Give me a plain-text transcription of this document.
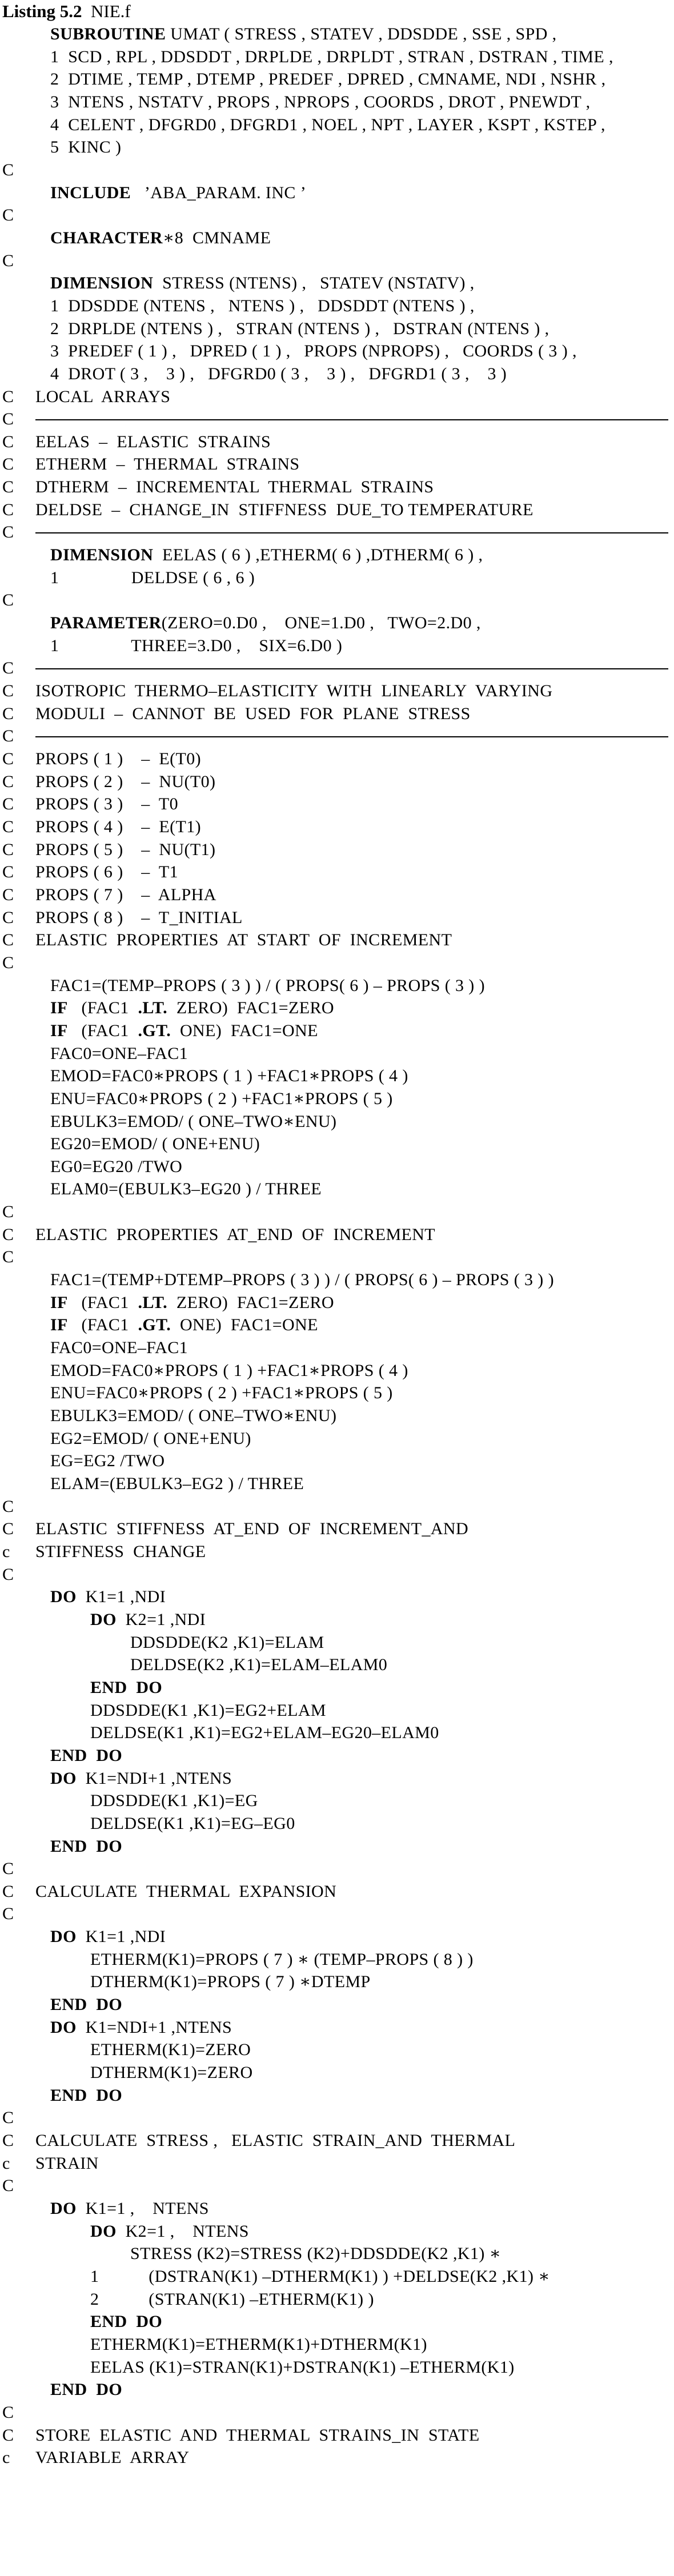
Listing 5.2 NIE.f
SUBROUTINE UMAT ( STRESS , STATEV , DDSDDE , SSE , SPD ,
1  SCD , RPL , DDSDDT , DRPLDE , DRPLDT , STRAN , DSTRAN , TIME ,
2  DTIME , TEMP , DTEMP , PREDEF , DPRED , CMNAME, NDI , NSHR ,
3  NTENS , NSTATV , PROPS , NPROPS , COORDS , DROT , PNEWDT ,
4  CELENT , DFGRD0 , DFGRD1 , NOEL , NPT , LAYER , KSPT , KSTEP ,
5  KINC )
C
INCLUDE   ’ABA_PARAM. INC ’
C
CHARACTER∗8  CMNAME
C
DIMENSION  STRESS (NTENS) ,   STATEV (NSTATV) ,
1  DDSDDE (NTENS ,   NTENS ) ,   DDSDDT (NTENS ) ,
2  DRPLDE (NTENS ) ,   STRAN (NTENS ) ,   DSTRAN (NTENS ) ,
3  PREDEF ( 1 ) ,   DPRED ( 1 ) ,   PROPS (NPROPS) ,   COORDS ( 3 ) ,
4  DROT ( 3 ,    3 ) ,   DFGRD0 ( 3 ,    3 ) ,   DFGRD1 ( 3 ,    3 )
C LOCAL  ARRAYS
C
C EELAS  –  ELASTIC  STRAINS
C ETHERM  –  THERMAL  STRAINS
C DTHERM  –  INCREMENTAL  THERMAL  STRAINS
C DELDSE  –  CHANGE_IN  STIFFNESS  DUE_TO TEMPERATURE
C
DIMENSION  EELAS ( 6 ) ,ETHERM( 6 ) ,DTHERM( 6 ) ,
1                DELDSE ( 6 , 6 )
C
PARAMETER(ZERO=0.D0 ,    ONE=1.D0 ,   TWO=2.D0 ,
1                THREE=3.D0 ,    SIX=6.D0 )
C
C ISOTROPIC  THERMO–ELASTICITY  WITH  LINEARLY  VARYING
C MODULI  –  CANNOT  BE  USED  FOR  PLANE  STRESS
C
C PROPS ( 1 )    –  E(T0)
C PROPS ( 2 )    –  NU(T0)
C PROPS ( 3 )    –  T0
C PROPS ( 4 )    –  E(T1)
C PROPS ( 5 )    –  NU(T1)
C PROPS ( 6 )    –  T1
C PROPS ( 7 )    –  ALPHA
C PROPS ( 8 )    –  T_INITIAL
C ELASTIC  PROPERTIES  AT  START  OF  INCREMENT
C
FAC1=(TEMP–PROPS ( 3 ) ) / ( PROPS( 6 ) – PROPS ( 3 ) )
IF   (FAC1  .LT.  ZERO)  FAC1=ZERO
IF   (FAC1  .GT.  ONE)  FAC1=ONE
FAC0=ONE–FAC1
EMOD=FAC0∗PROPS ( 1 ) +FAC1∗PROPS ( 4 )
ENU=FAC0∗PROPS ( 2 ) +FAC1∗PROPS ( 5 )
EBULK3=EMOD/ ( ONE–TWO∗ENU)
EG20=EMOD/ ( ONE+ENU)
EG0=EG20 /TWO
ELAM0=(EBULK3–EG20 ) / THREE
C
C ELASTIC  PROPERTIES  AT_END  OF  INCREMENT
C
FAC1=(TEMP+DTEMP–PROPS ( 3 ) ) / ( PROPS( 6 ) – PROPS ( 3 ) )
IF   (FAC1  .LT.  ZERO)  FAC1=ZERO
IF   (FAC1  .GT.  ONE)  FAC1=ONE
FAC0=ONE–FAC1
EMOD=FAC0∗PROPS ( 1 ) +FAC1∗PROPS ( 4 )
ENU=FAC0∗PROPS ( 2 ) +FAC1∗PROPS ( 5 )
EBULK3=EMOD/ ( ONE–TWO∗ENU)
EG2=EMOD/ ( ONE+ENU)
EG=EG2 /TWO
ELAM=(EBULK3–EG2 ) / THREE
C
C ELASTIC  STIFFNESS  AT_END  OF  INCREMENT_AND
c STIFFNESS  CHANGE
C
DO  K1=1 ,NDI
DO  K2=1 ,NDI
DDSDDE(K2 ,K1)=ELAM
DELDSE(K2 ,K1)=ELAM–ELAM0
END  DO
DDSDDE(K1 ,K1)=EG2+ELAM
DELDSE(K1 ,K1)=EG2+ELAM–EG20–ELAM0
END  DO
DO  K1=NDI+1 ,NTENS
DDSDDE(K1 ,K1)=EG
DELDSE(K1 ,K1)=EG–EG0
END  DO
C
C CALCULATE  THERMAL  EXPANSION
C
DO  K1=1 ,NDI
ETHERM(K1)=PROPS ( 7 ) ∗ (TEMP–PROPS ( 8 ) )
DTHERM(K1)=PROPS ( 7 ) ∗DTEMP
END  DO
DO  K1=NDI+1 ,NTENS
ETHERM(K1)=ZERO
DTHERM(K1)=ZERO
END  DO
C
C CALCULATE  STRESS ,   ELASTIC  STRAIN_AND  THERMAL
c STRAIN
C
DO  K1=1 ,    NTENS
DO  K2=1 ,    NTENS
STRESS (K2)=STRESS (K2)+DDSDDE(K2 ,K1) ∗
1           (DSTRAN(K1) –DTHERM(K1) ) +DELDSE(K2 ,K1) ∗
2           (STRAN(K1) –ETHERM(K1) )
END  DO
ETHERM(K1)=ETHERM(K1)+DTHERM(K1)
EELAS (K1)=STRAN(K1)+DSTRAN(K1) –ETHERM(K1)
END  DO
C
C STORE  ELASTIC  AND  THERMAL  STRAINS_IN  STATE
c VARIABLE  ARRAY
